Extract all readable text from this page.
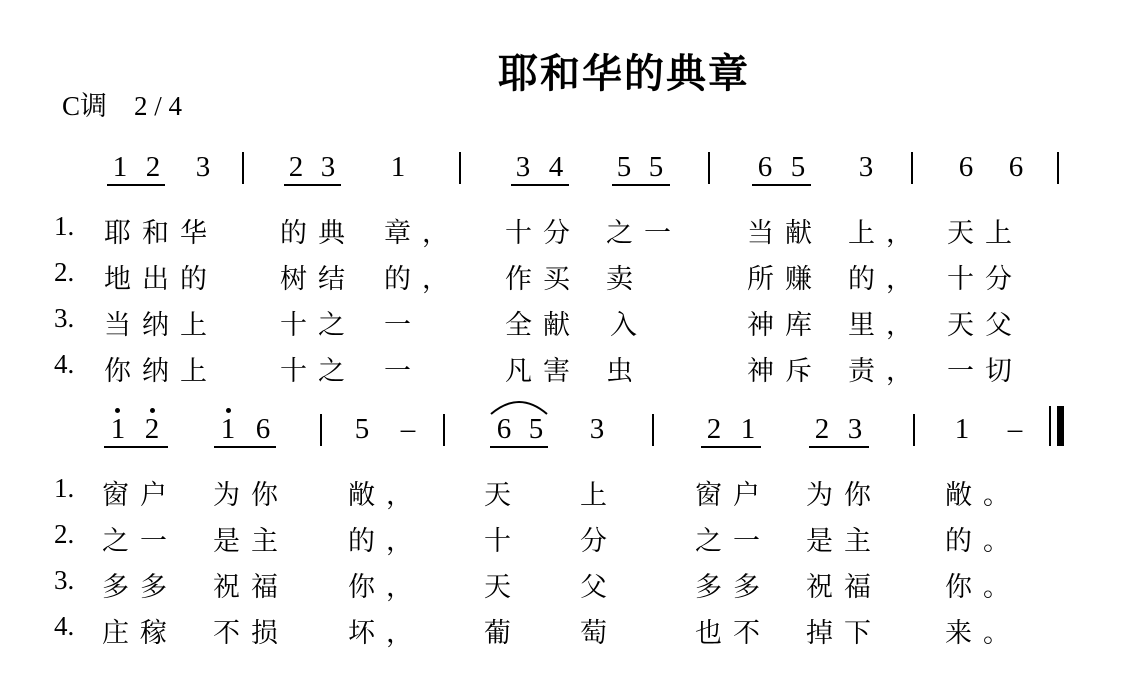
耶和华的典章
C调　2 / 4
1 2 3	2 3 1	3 4 5 5	6 5 3	6 6
1. 耶和华 的典 章， 十分 之一 当献 上， 天上
2. 地出的 树结 的， 作买 卖	所赚 的， 十分
3. 当纳上 十之 一	全献 入	神库 里， 天父
4. 你纳上 十之 一	凡害 虫	神斥 责， 一切
1 2 1 6	5 –	6 5 3	2 1 2 3	1 –
1. 窗户 为你 敞， 天 上	窗户 为你 敞。
2. 之一 是主 的， 十 分	之一 是主 的。
3. 多多 祝福 你， 天 父	多多 祝福 你。
4. 庄稼 不损 坏， 葡 萄	也不 掉下 来。
